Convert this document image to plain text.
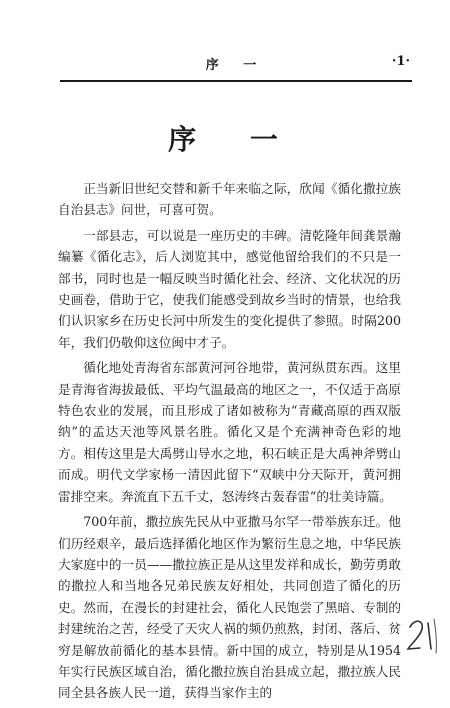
序 一	·1·
序 一

正当新旧世纪交替和新千年来临之际，欣闻《循化撒拉族自治县志》问世，可喜可贺。

一部县志，可以说是一座历史的丰碑。清乾隆年间龚景瀚编纂《循化志》，后人浏览其中，感觉他留给我们的不只是一部书，同时也是一幅反映当时循化社会、经济、文化状况的历史画卷，借助于它，使我们能感受到故乡当时的情景，也给我们认识家乡在历史长河中所发生的变化提供了参照。时隔200年，我们仍敬仰这位闽中才子。

循化地处青海省东部黄河河谷地带，黄河纵贯东西。这里是青海省海拔最低、平均气温最高的地区之一，不仅适于高原特色农业的发展，而且形成了诸如被称为“青藏高原的西双版纳”的孟达天池等风景名胜。循化又是个充满神奇色彩的地方。相传这里是大禹劈山导水之地，积石峡正是大禹神斧劈山而成。明代文学家杨一清因此留下“双峡中分天际开，黄河拥雷排空来。奔流直下五千丈，怒涛终古轰春雷”的壮美诗篇。

700年前，撒拉族先民从中亚撒马尔罕一带举族东迁。他们历经艰辛，最后选择循化地区作为繁衍生息之地，中华民族大家庭中的一员——撒拉族正是从这里发祥和成长，勤劳勇敢的撒拉人和当地各兄弟民族友好相处，共同创造了循化的历史。然而，在漫长的封建社会，循化人民饱尝了黑暗、专制的封建统治之苦，经受了天灾人祸的频仍煎熬，封闭、落后、贫穷是解放前循化的基本县情。新中国的成立，特别是从1954年实行民族区域自治，循化撒拉族自治县成立起，撒拉族人民同全县各族人民一道，获得当家作主的
